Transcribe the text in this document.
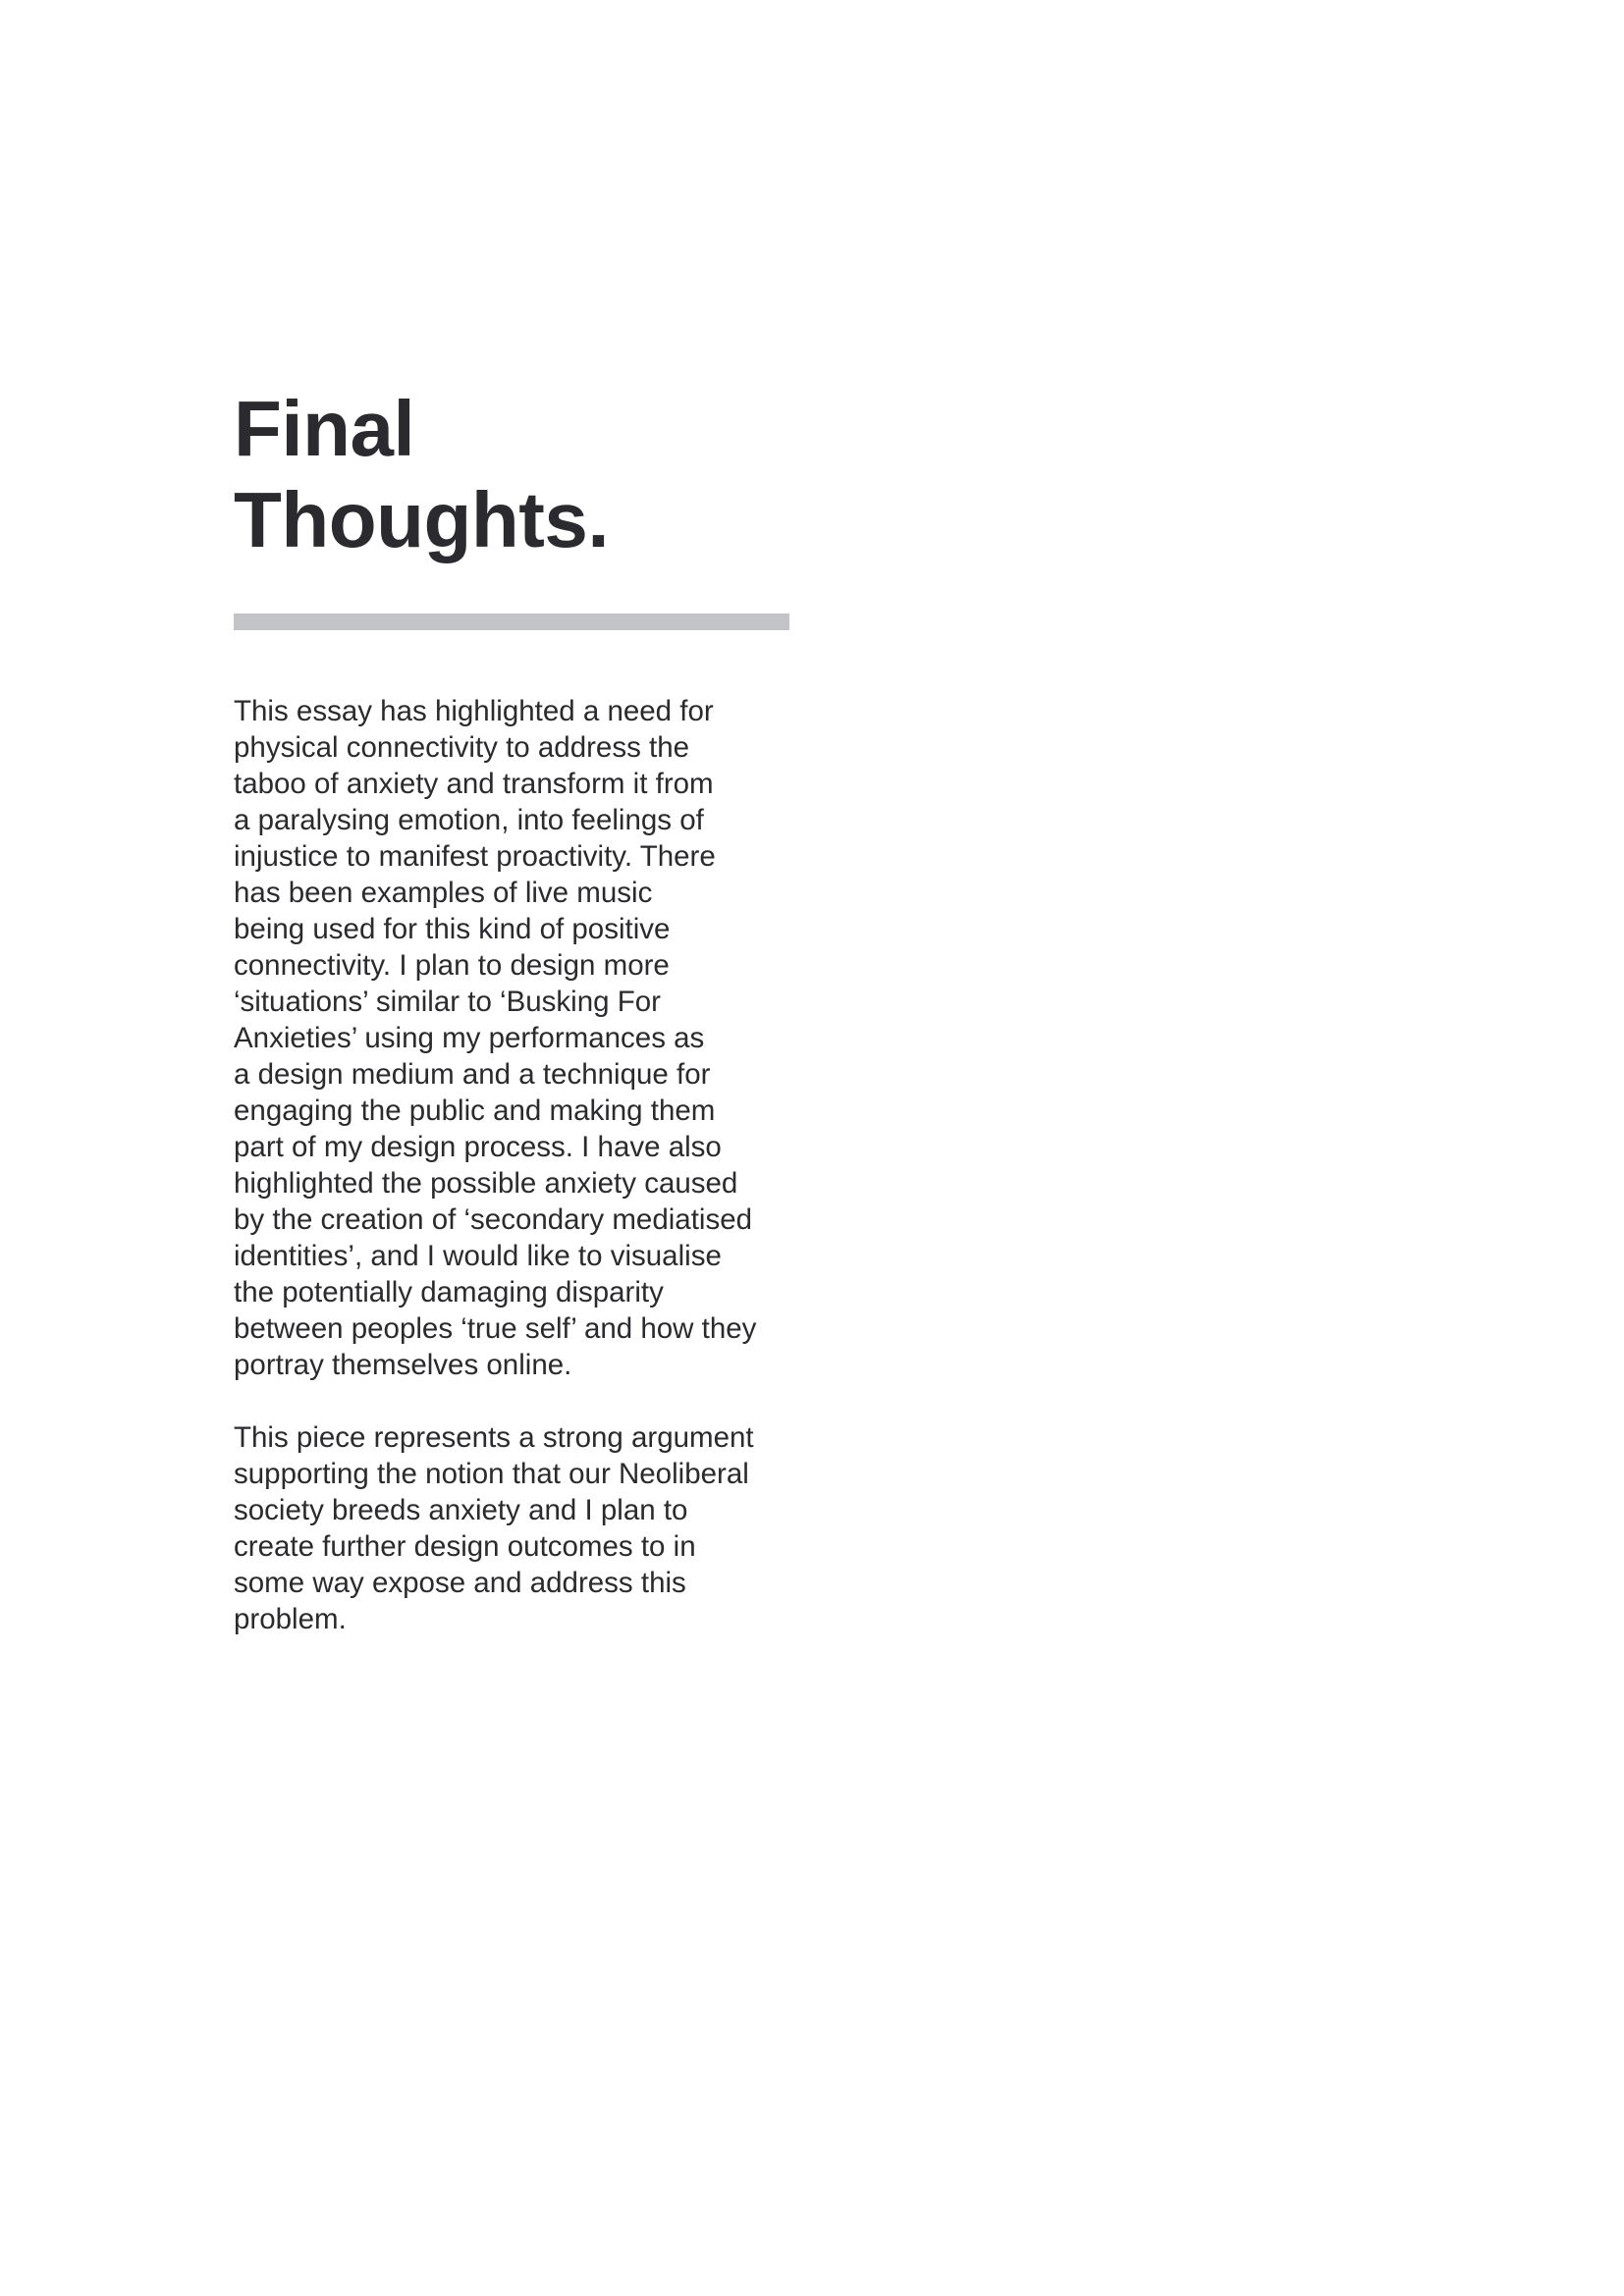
Final
Thoughts.

This essay has highlighted a need for
physical connectivity to address the
taboo of anxiety and transform it from
a paralysing emotion, into feelings of
injustice to manifest proactivity. There
has been examples of live music
being used for this kind of positive
connectivity. I plan to design more
‘situations’ similar to ‘Busking For
Anxieties’ using my performances as
a design medium and a technique for
engaging the public and making them
part of my design process. I have also
highlighted the possible anxiety caused
by the creation of ‘secondary mediatised
identities’, and I would like to visualise
the potentially damaging disparity
between peoples ‘true self’ and how they
portray themselves online.

This piece represents a strong argument
supporting the notion that our Neoliberal
society breeds anxiety and I plan to
create further design outcomes to in
some way expose and address this
problem.
